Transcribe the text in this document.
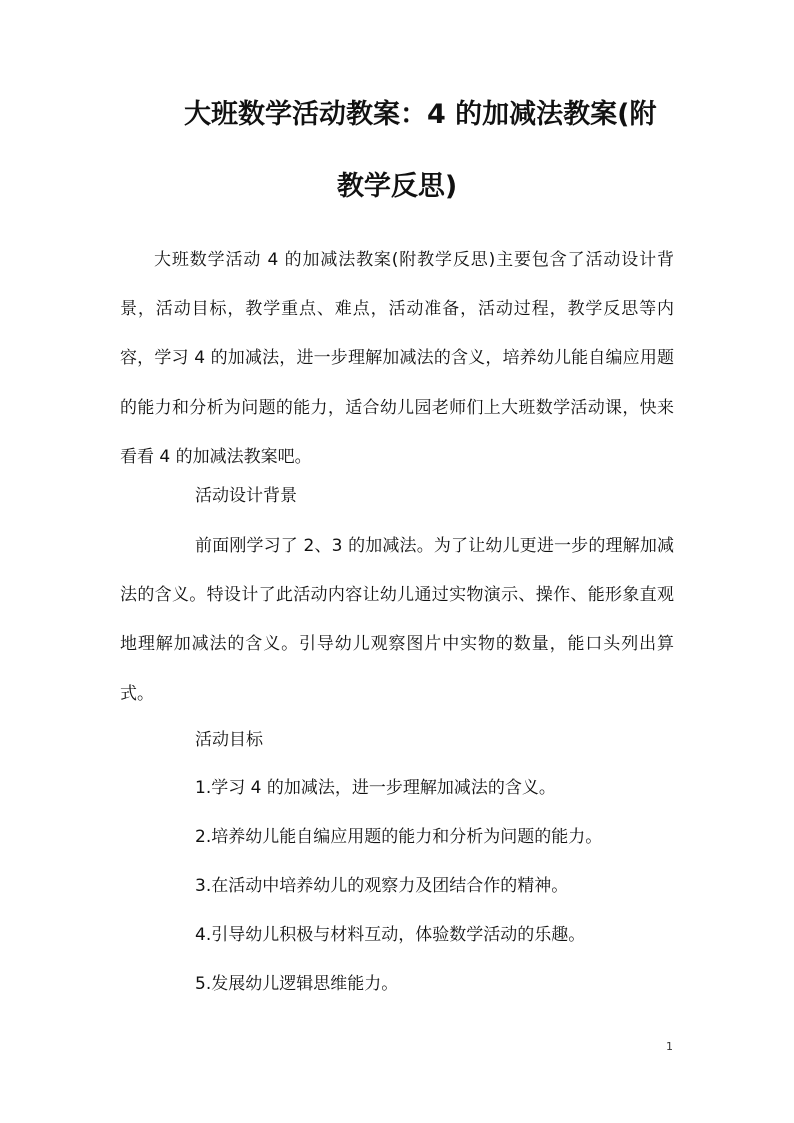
大班数学活动教案：4 的加减法教案(附
教学反思)

大班数学活动 4 的加减法教案(附教学反思)主要包含了活动设计背景，活动目标，教学重点、难点，活动准备，活动过程，教学反思等内容，学习 4 的加减法，进一步理解加减法的含义，培养幼儿能自编应用题的能力和分析为问题的能力，适合幼儿园老师们上大班数学活动课，快来看看 4 的加减法教案吧。

活动设计背景

前面刚学习了 2、3 的加减法。为了让幼儿更进一步的理解加减法的含义。特设计了此活动内容让幼儿通过实物演示、操作、能形象直观地理解加减法的含义。引导幼儿观察图片中实物的数量，能口头列出算式。

活动目标

1.学习 4 的加减法，进一步理解加减法的含义。

2.培养幼儿能自编应用题的能力和分析为问题的能力。

3.在活动中培养幼儿的观察力及团结合作的精神。

4.引导幼儿积极与材料互动，体验数学活动的乐趣。

5.发展幼儿逻辑思维能力。

1
